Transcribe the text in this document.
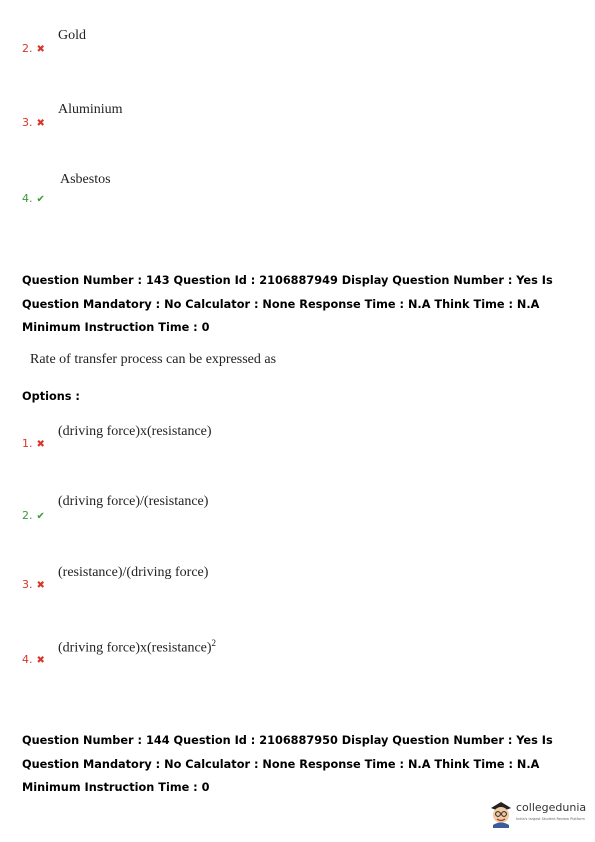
2. ✖
Gold
3. ✖
Aluminium
4. ✔
Asbestos
Question Number : 143 Question Id : 2106887949 Display Question Number : Yes Is Question Mandatory : No Calculator : None Response Time : N.A Think Time : N.A Minimum Instruction Time : 0
Rate of transfer process can be expressed as
Options :
1. ✖
(driving force)x(resistance)
2. ✔
(driving force)/(resistance)
3. ✖
(resistance)/(driving force)
4. ✖
(driving force)x(resistance)$^2$
Question Number : 144 Question Id : 2106887950 Display Question Number : Yes Is Question Mandatory : No Calculator : None Response Time : N.A Think Time : N.A Minimum Instruction Time : 0
collegedunia
India's largest Student Review Platform
